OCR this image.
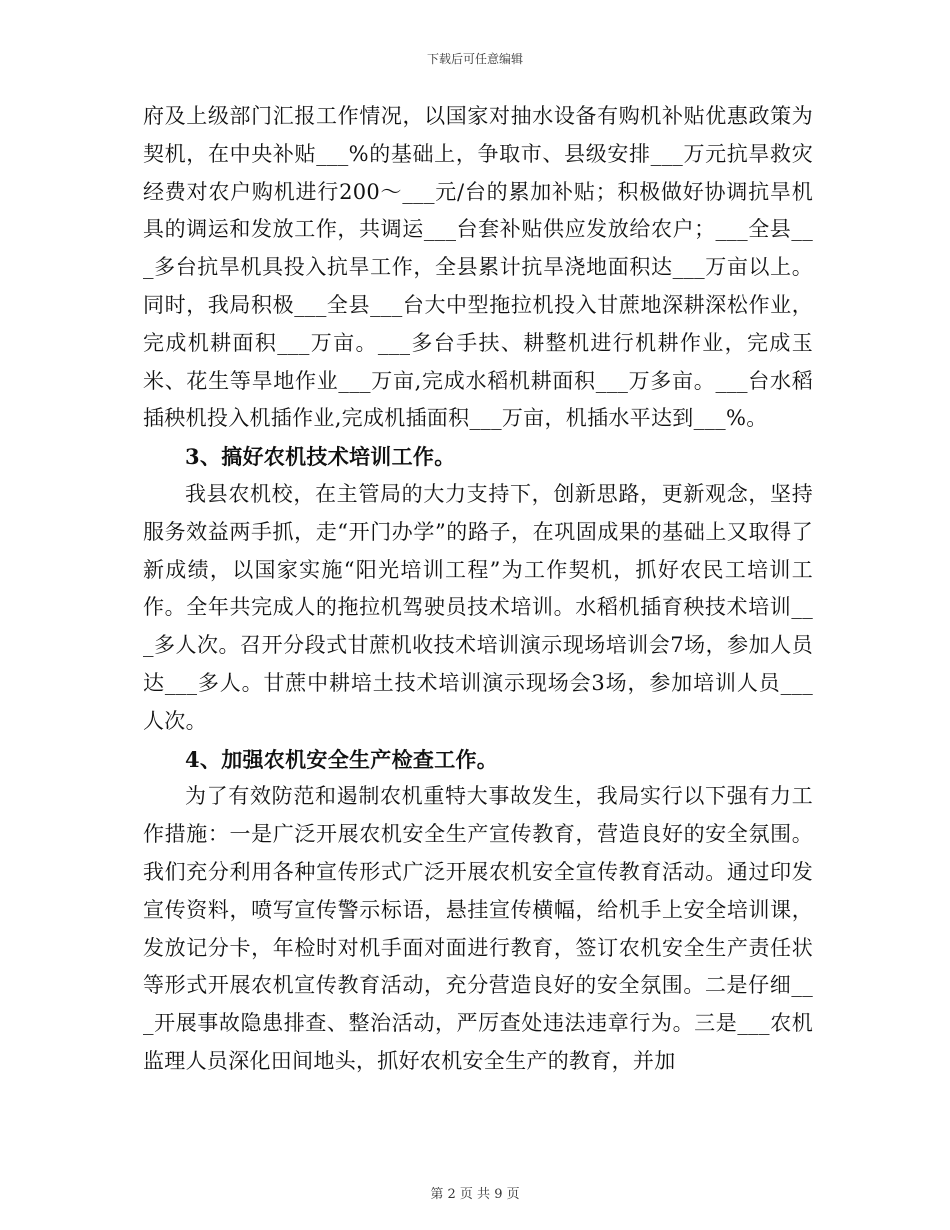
下载后可任意编辑

府及上级部门汇报工作情况，以国家对抽水设备有购机补贴优惠政策为契机，在中央补贴___%的基础上，争取市、县级安排___万元抗旱救灾经费对农户购机进行200～___元/台的累加补贴；积极做好协调抗旱机具的调运和发放工作，共调运___台套补贴供应发放给农户；___全县___多台抗旱机具投入抗旱工作，全县累计抗旱浇地面积达___万亩以上。同时，我局积极___全县___台大中型拖拉机投入甘蔗地深耕深松作业，完成机耕面积___万亩。___多台手扶、耕整机进行机耕作业，完成玉米、花生等旱地作业___万亩,完成水稻机耕面积___万多亩。___台水稻插秧机投入机插作业,完成机插面积___万亩，机插水平达到___%。

3、搞好农机技术培训工作。

我县农机校，在主管局的大力支持下，创新思路，更新观念，坚持服务效益两手抓，走“开门办学”的路子，在巩固成果的基础上又取得了新成绩，以国家实施“阳光培训工程”为工作契机，抓好农民工培训工作。全年共完成人的拖拉机驾驶员技术培训。水稻机插育秧技术培训___多人次。召开分段式甘蔗机收技术培训演示现场培训会7场，参加人员达___多人。甘蔗中耕培土技术培训演示现场会3场，参加培训人员___人次。

4、加强农机安全生产检查工作。

为了有效防范和遏制农机重特大事故发生，我局实行以下强有力工作措施：一是广泛开展农机安全生产宣传教育，营造良好的安全氛围。我们充分利用各种宣传形式广泛开展农机安全宣传教育活动。通过印发宣传资料，喷写宣传警示标语，悬挂宣传横幅，给机手上安全培训课，发放记分卡，年检时对机手面对面进行教育，签订农机安全生产责任状等形式开展农机宣传教育活动，充分营造良好的安全氛围。二是仔细___开展事故隐患排查、整治活动，严厉查处违法违章行为。三是___农机监理人员深化田间地头，抓好农机安全生产的教育，并加

第 2 页 共 9 页
